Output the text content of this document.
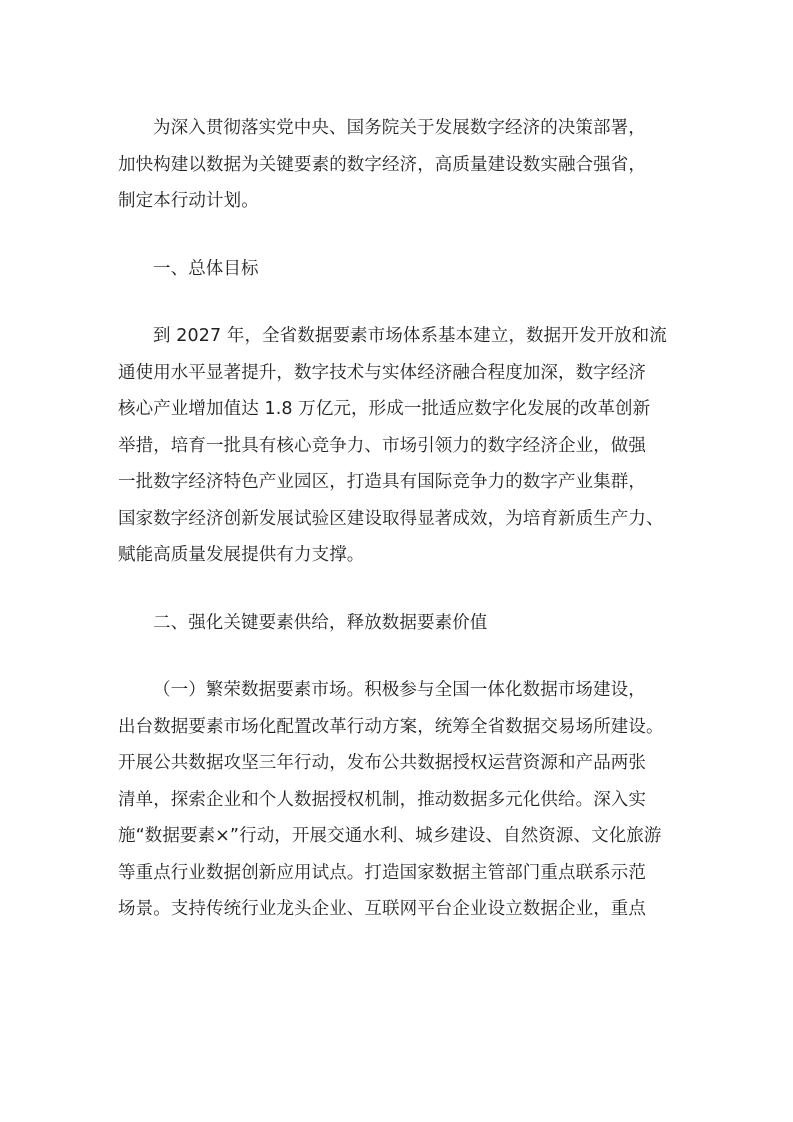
为深入贯彻落实党中央、国务院关于发展数字经济的决策部署，
加快构建以数据为关键要素的数字经济，高质量建设数实融合强省，
制定本行动计划。
一、总体目标
到 2027 年，全省数据要素市场体系基本建立，数据开发开放和流
通使用水平显著提升，数字技术与实体经济融合程度加深，数字经济
核心产业增加值达 1.8 万亿元，形成一批适应数字化发展的改革创新
举措，培育一批具有核心竞争力、市场引领力的数字经济企业，做强
一批数字经济特色产业园区，打造具有国际竞争力的数字产业集群，
国家数字经济创新发展试验区建设取得显著成效，为培育新质生产力、
赋能高质量发展提供有力支撑。
二、强化关键要素供给，释放数据要素价值
（一）繁荣数据要素市场。积极参与全国一体化数据市场建设，
出台数据要素市场化配置改革行动方案，统筹全省数据交易场所建设。
开展公共数据攻坚三年行动，发布公共数据授权运营资源和产品两张
清单，探索企业和个人数据授权机制，推动数据多元化供给。深入实
施“数据要素×”行动，开展交通水利、城乡建设、自然资源、文化旅游
等重点行业数据创新应用试点。打造国家数据主管部门重点联系示范
场景。支持传统行业龙头企业、互联网平台企业设立数据企业，重点
